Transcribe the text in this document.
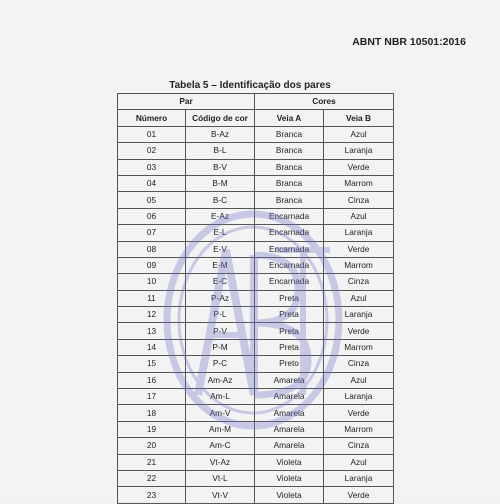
ABNT NBR 10501:2016
Tabela 5 – Identificação dos pares
Par		Cores	
Número	Código de cor	Veia A	Veia B
01	B-Az	Branca	Azul
02	B-L	Branca	Laranja
03	B-V	Branca	Verde
04	B-M	Branca	Marrom
05	B-C	Branca	Cinza
06	E-Az	Encarnada	Azul
07	E-L	Encarnada	Laranja
08	E-V	Encarnada	Verde
09	E-M	Encarnada	Marrom
10	E-C	Encarnada	Cinza
11	P-Az	Preta	Azul
12	P-L	Preta	Laranja
13	P-V	Preta	Verde
14	P-M	Preta	Marrom
15	P-C	Preto	Cinza
16	Am-Az	Amarela	Azul
17	Am-L	Amarela	Laranja
18	Am-V	Amarela	Verde
19	Am-M	Amarela	Marrom
20	Am-C	Amarela	Cinza
21	Vt-Az	Violeta	Azul
22	Vt-L	Violeta	Laranja
23	Vt-V	Violeta	Verde
